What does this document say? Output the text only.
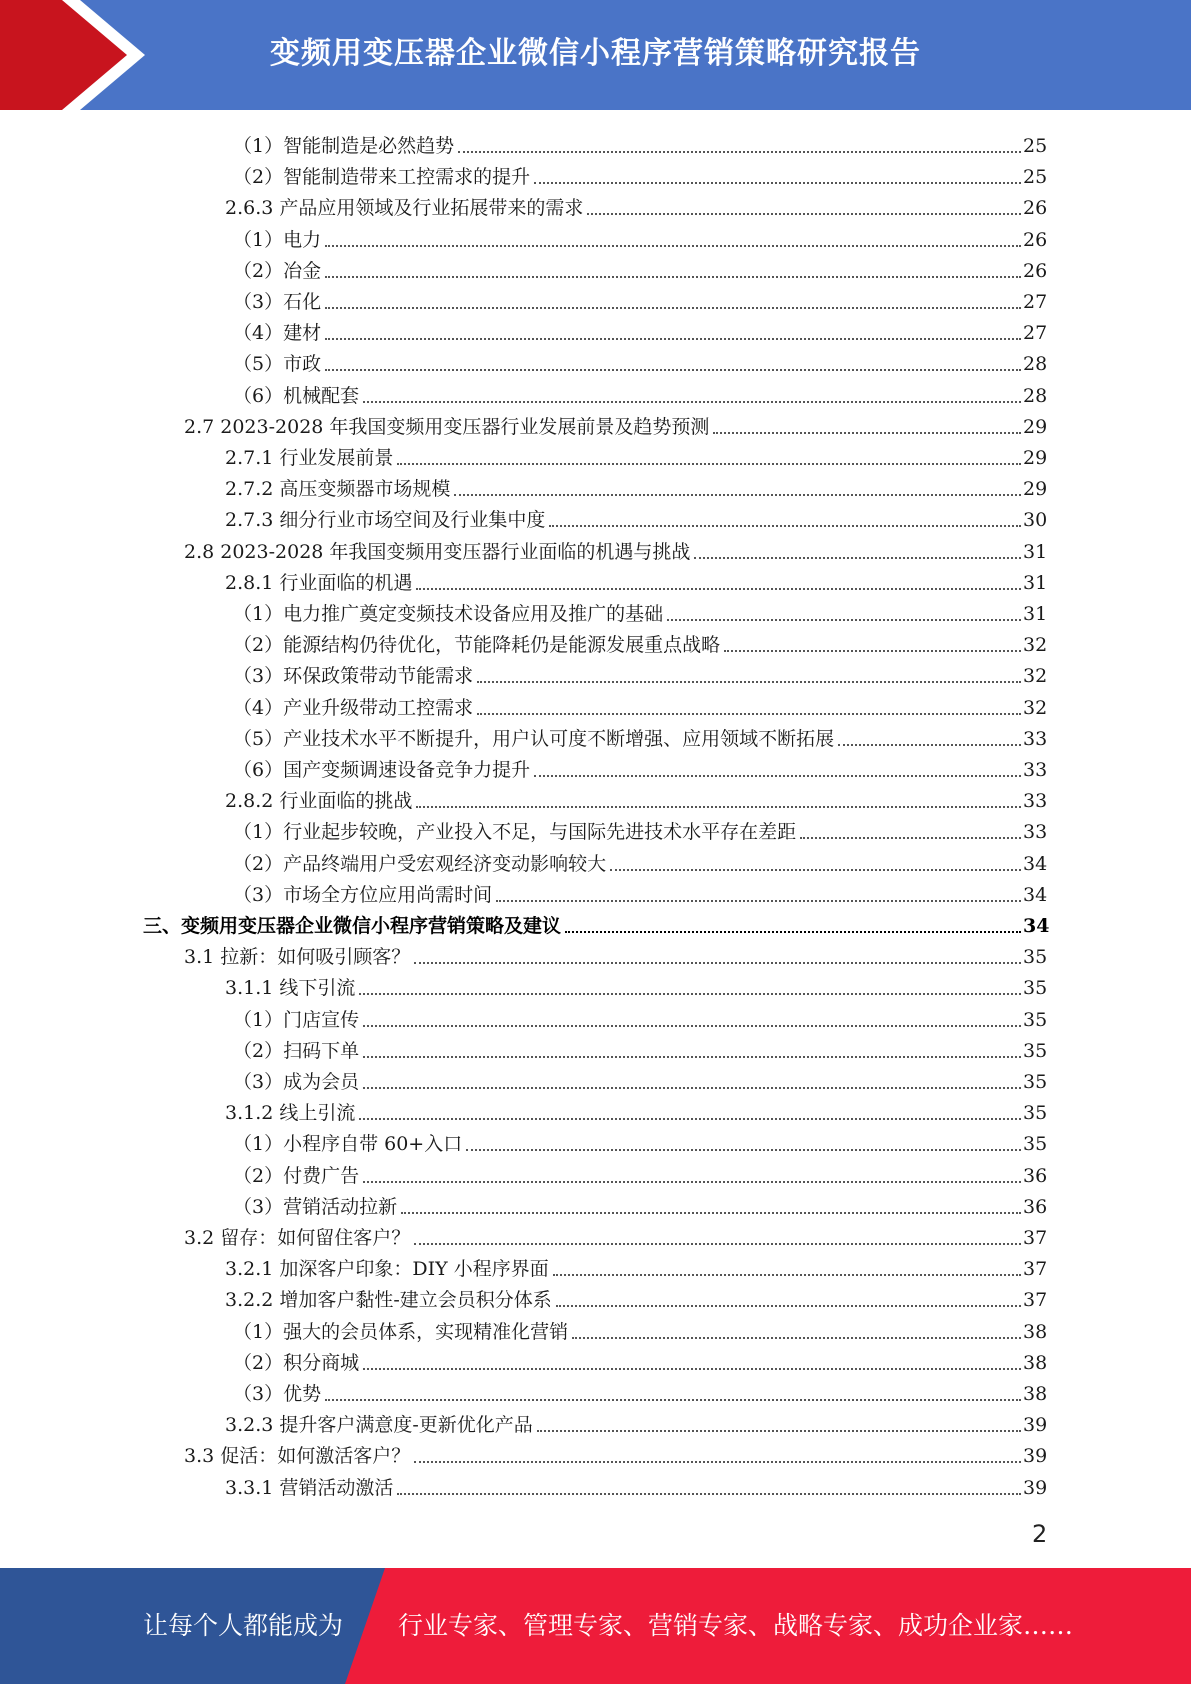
变频用变压器企业微信小程序营销策略研究报告
（1）智能制造是必然趋势	25
（2）智能制造带来工控需求的提升	25
2.6.3 产品应用领域及行业拓展带来的需求	26
（1）电力	26
（2）冶金	26
（3）石化	27
（4）建材	27
（5）市政	28
（6）机械配套	28
2.7 2023-2028 年我国变频用变压器行业发展前景及趋势预测	29
2.7.1 行业发展前景	29
2.7.2 高压变频器市场规模	29
2.7.3 细分行业市场空间及行业集中度	30
2.8 2023-2028 年我国变频用变压器行业面临的机遇与挑战	31
2.8.1 行业面临的机遇	31
（1）电力推广奠定变频技术设备应用及推广的基础	31
（2）能源结构仍待优化，节能降耗仍是能源发展重点战略	32
（3）环保政策带动节能需求	32
（4）产业升级带动工控需求	32
（5）产业技术水平不断提升，用户认可度不断增强、应用领域不断拓展	33
（6）国产变频调速设备竞争力提升	33
2.8.2 行业面临的挑战	33
（1）行业起步较晚，产业投入不足，与国际先进技术水平存在差距	33
（2）产品终端用户受宏观经济变动影响较大	34
（3）市场全方位应用尚需时间	34
三、变频用变压器企业微信小程序营销策略及建议	34
3.1 拉新：如何吸引顾客？	35
3.1.1 线下引流	35
（1）门店宣传	35
（2）扫码下单	35
（3）成为会员	35
3.1.2 线上引流	35
（1）小程序自带 60+入口	35
（2）付费广告	36
（3）营销活动拉新	36
3.2 留存：如何留住客户？	37
3.2.1 加深客户印象：DIY 小程序界面	37
3.2.2 增加客户黏性-建立会员积分体系	37
（1）强大的会员体系，实现精准化营销	38
（2）积分商城	38
（3）优势	38
3.2.3 提升客户满意度-更新优化产品	39
3.3 促活：如何激活客户？	39
3.3.1 营销活动激活	39
2
让每个人都能成为 行业专家、管理专家、营销专家、战略专家、成功企业家……
